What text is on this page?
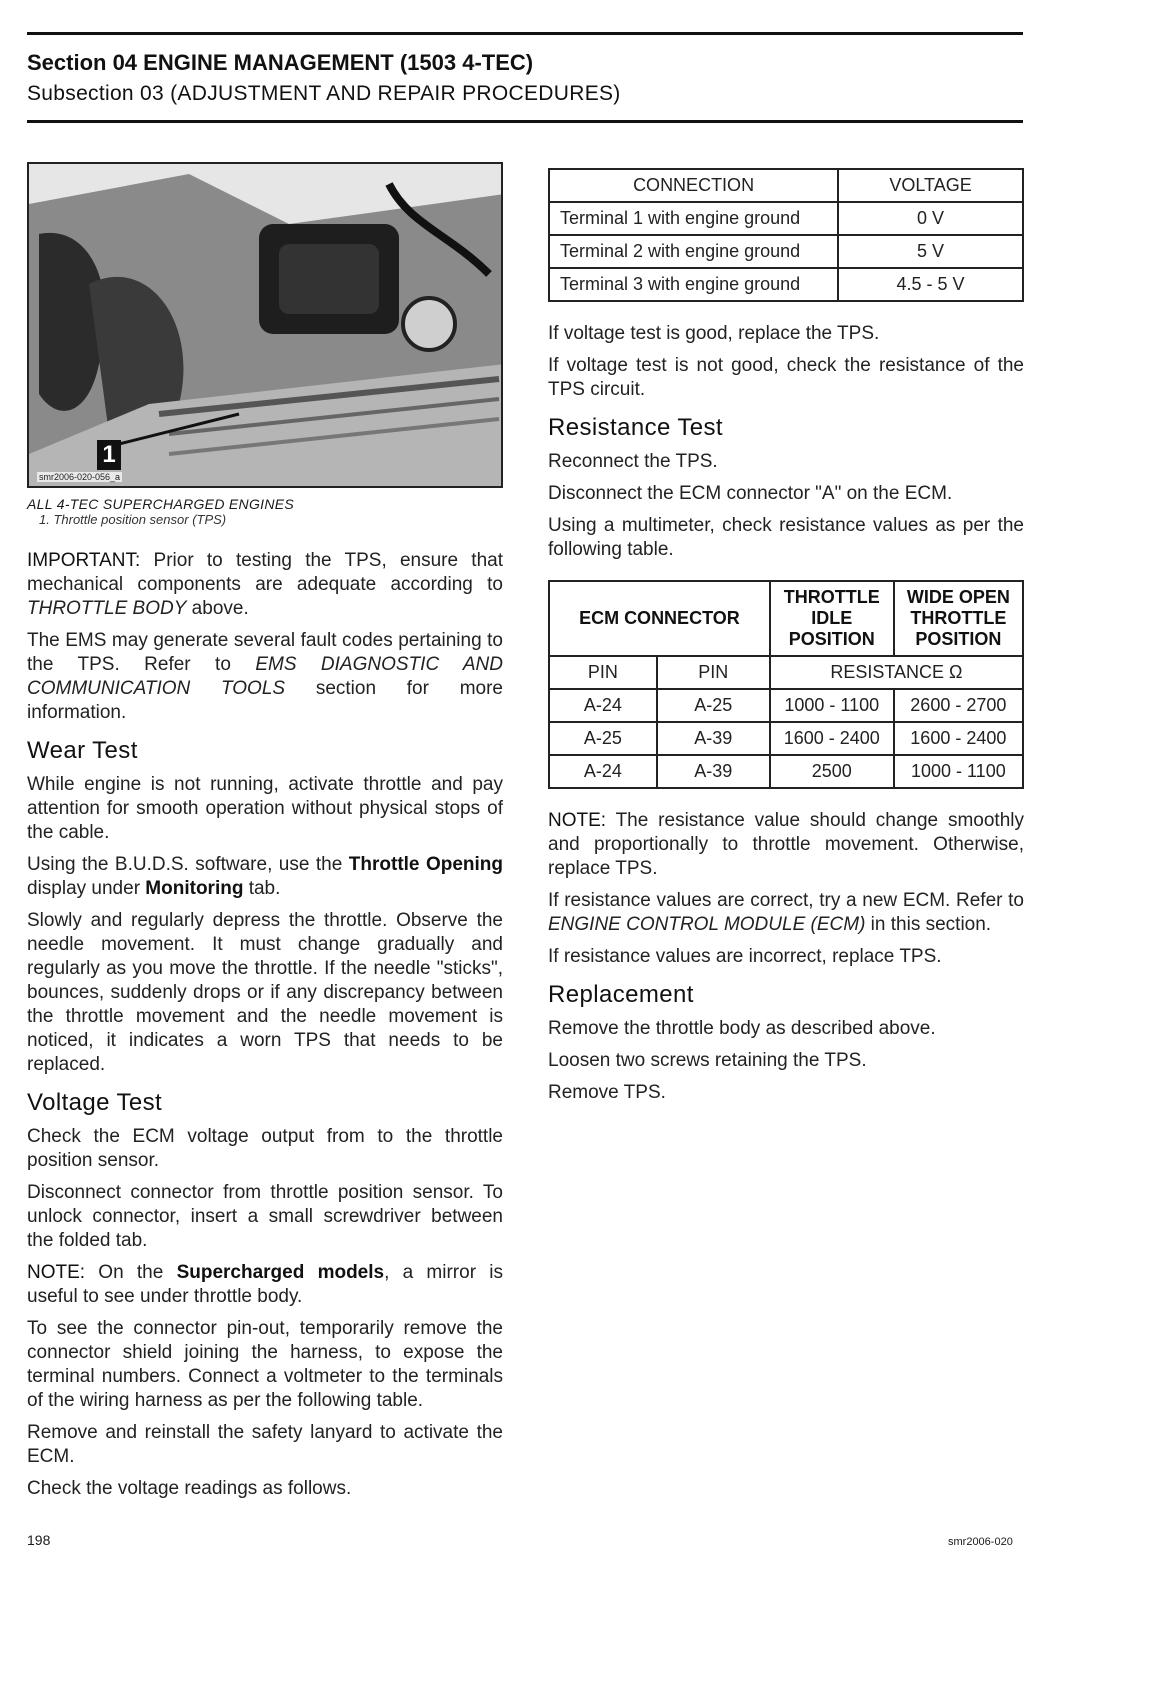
Section 04 ENGINE MANAGEMENT (1503 4-TEC)
Subsection 03 (ADJUSTMENT AND REPAIR PROCEDURES)
1
smr2006-020-056_a
ALL 4-TEC SUPERCHARGED ENGINES
1. Throttle position sensor (TPS)

IMPORTANT: Prior to testing the TPS, ensure that mechanical components are adequate according to THROTTLE BODY above.

The EMS may generate several fault codes pertaining to the TPS. Refer to EMS DIAGNOSTIC AND COMMUNICATION TOOLS section for more information.

Wear Test

While engine is not running, activate throttle and pay attention for smooth operation without physical stops of the cable.

Using the B.U.D.S. software, use the Throttle Opening display under Monitoring tab.

Slowly and regularly depress the throttle. Observe the needle movement. It must change gradually and regularly as you move the throttle. If the needle "sticks", bounces, suddenly drops or if any discrepancy between the throttle movement and the needle movement is noticed, it indicates a worn TPS that needs to be replaced.

Voltage Test

Check the ECM voltage output from to the throttle position sensor.

Disconnect connector from throttle position sensor. To unlock connector, insert a small screwdriver between the folded tab.

NOTE: On the Supercharged models, a mirror is useful to see under throttle body.

To see the connector pin-out, temporarily remove the connector shield joining the harness, to expose the terminal numbers. Connect a voltmeter to the terminals of the wiring harness as per the following table.

Remove and reinstall the safety lanyard to activate the ECM.

Check the voltage readings as follows.

CONNECTION	VOLTAGE
Terminal 1 with engine ground	0 V
Terminal 2 with engine ground	5 V
Terminal 3 with engine ground	4.5 - 5 V

If voltage test is good, replace the TPS.

If voltage test is not good, check the resistance of the TPS circuit.

Resistance Test

Reconnect the TPS.

Disconnect the ECM connector "A" on the ECM.

Using a multimeter, check resistance values as per the following table.

ECM CONNECTOR		THROTTLE IDLE POSITION	WIDE OPEN THROTTLE POSITION
PIN	PIN	RESISTANCE Ω	
A-24	A-25	1000 - 1100	2600 - 2700
A-25	A-39	1600 - 2400	1600 - 2400
A-24	A-39	2500	1000 - 1100

NOTE: The resistance value should change smoothly and proportionally to throttle movement. Otherwise, replace TPS.

If resistance values are correct, try a new ECM. Refer to ENGINE CONTROL MODULE (ECM) in this section.

If resistance values are incorrect, replace TPS.

Replacement

Remove the throttle body as described above.

Loosen two screws retaining the TPS.

Remove TPS.

198	smr2006-020
